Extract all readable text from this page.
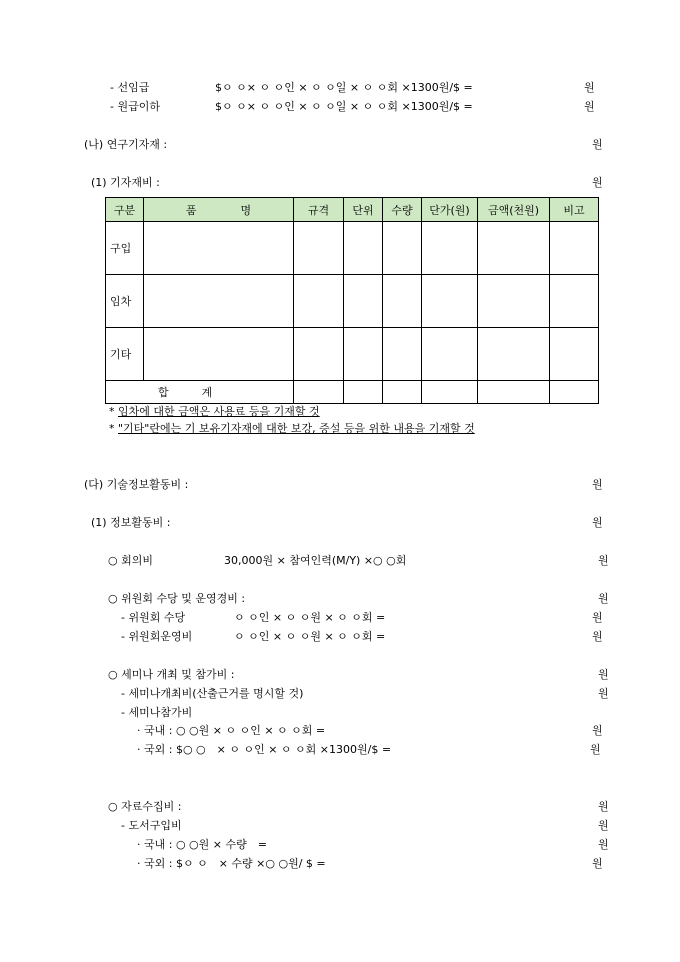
- 선임급	$ㅇ ㅇ× ㅇ ㅇ인 × ㅇ ㅇ일 × ㅇ ㅇ회 ×1300원/$ =	원
- 원급이하	$ㅇ ㅇ× ㅇ ㅇ인 × ㅇ ㅇ일 × ㅇ ㅇ회 ×1300원/$ =	원
(나) 연구기자재 :	원
(1) 기자재비 :	원
구분	품　　　　명	규격	단위	수량	단가(원)	금액(천원)	비고
구입							
임차							
기타							
합　　　계							
* 임차에 대한 금액은 사용료 등을 기재할 것
* "기타"란에는 기 보유기자재에 대한 보강, 증설 등을 위한 내용을 기재할 것
(다) 기술정보활동비 :	원
(1) 정보활동비 :	원
○ 회의비	30,000원 × 참여인력(M/Y) ×○ ○회	원
○ 위원회 수당 및 운영경비 :	원
- 위원회 수당	ㅇ ㅇ인 × ㅇ ㅇ원 × ㅇ ㅇ회 =	원
- 위원회운영비	ㅇ ㅇ인 × ㅇ ㅇ원 × ㅇ ㅇ회 =	원
○ 세미나 개최 및 참가비 :	원
- 세미나개최비(산출근거를 명시할 것)	원
- 세미나참가비
· 국내 : ○ ○원 × ㅇ ㅇ인 × ㅇ ㅇ회 =	원
· 국외 : $○ ○　× ㅇ ㅇ인 × ㅇ ㅇ회 ×1300원/$ =	원
○ 자료수집비 :	원
- 도서구입비	원
· 국내 : ○ ○원 × 수량　=	원
· 국외 : $ㅇ ㅇ　× 수량 ×○ ○원/ $ =	원
